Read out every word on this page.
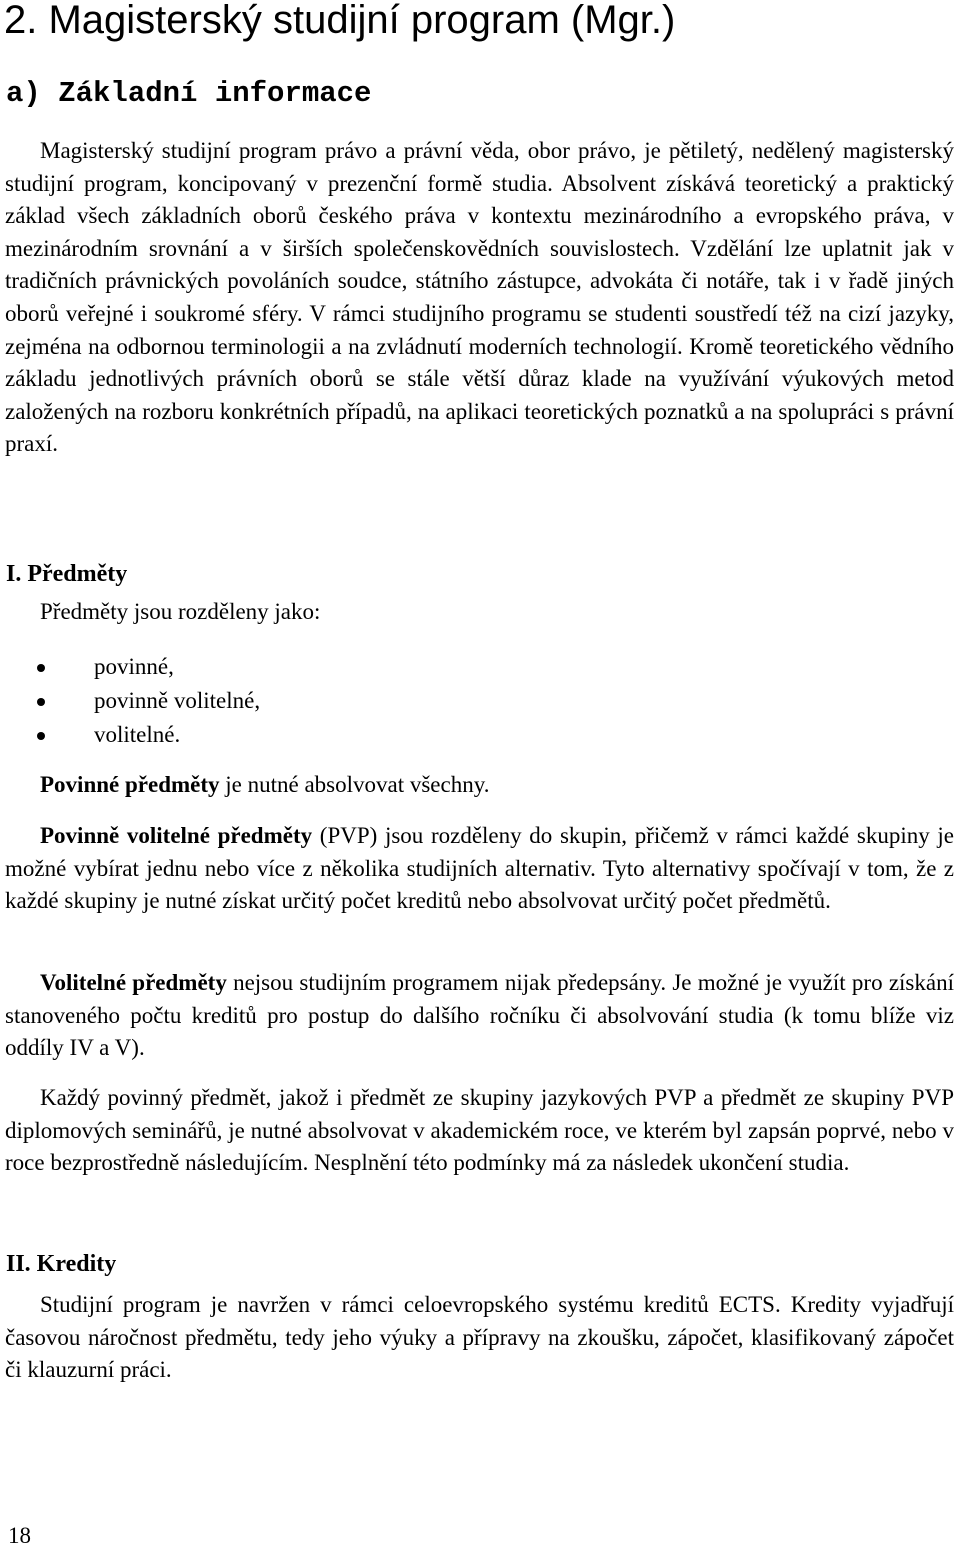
2. Magisterský studijní program (Mgr.)
a) Základní informace

Magisterský studijní program právo a právní věda, obor právo, je pětiletý, nedělený magisterský studijní program, koncipovaný v prezenční formě studia. Absolvent získává teoretický a praktický základ všech základních oborů českého práva v kontextu mezinárodního a evropského práva, v mezinárodním srovnání a v širších společenskovědních souvislostech. Vzdělání lze uplatnit jak v tradičních právnických povoláních soudce, státního zástupce, advokáta či notáře, tak i v řadě jiných oborů veřejné i soukromé sféry. V rámci studijního programu se studenti soustředí též na cizí jazyky, zejména na odbornou terminologii a na zvládnutí moderních technologií. Kromě teoretického vědního základu jednotlivých právních oborů se stále větší důraz klade na využívání výukových metod založených na rozboru konkrétních případů, na aplikaci teoretických poznatků a na spolupráci s právní praxí.

I. Předměty
Předměty jsou rozděleny jako:
povinné,
povinně volitelné,
volitelné.
Povinné předměty je nutné absolvovat všechny.

Povinně volitelné předměty (PVP) jsou rozděleny do skupin, přičemž v rámci každé skupiny je možné vybírat jednu nebo více z několika studijních alternativ. Tyto alternativy spočívají v tom, že z každé skupiny je nutné získat určitý počet kreditů nebo absolvovat určitý počet předmětů.

Volitelné předměty nejsou studijním programem nijak předepsány. Je možné je využít pro získání stanoveného počtu kreditů pro postup do dalšího ročníku či absolvování studia (k tomu blíže viz oddíly IV a V).

Každý povinný předmět, jakož i předmět ze skupiny jazykových PVP a předmět ze skupiny PVP diplomových seminářů, je nutné absolvovat v akademickém roce, ve kterém byl zapsán poprvé, nebo v roce bezprostředně následujícím. Nesplnění této podmínky má za následek ukončení studia.

II. Kredity

Studijní program je navržen v rámci celoevropského systému kreditů ECTS. Kredity vyjadřují časovou náročnost předmětu, tedy jeho výuky a přípravy na zkoušku, zápočet, klasifikovaný zápočet či klauzurní práci.

18
